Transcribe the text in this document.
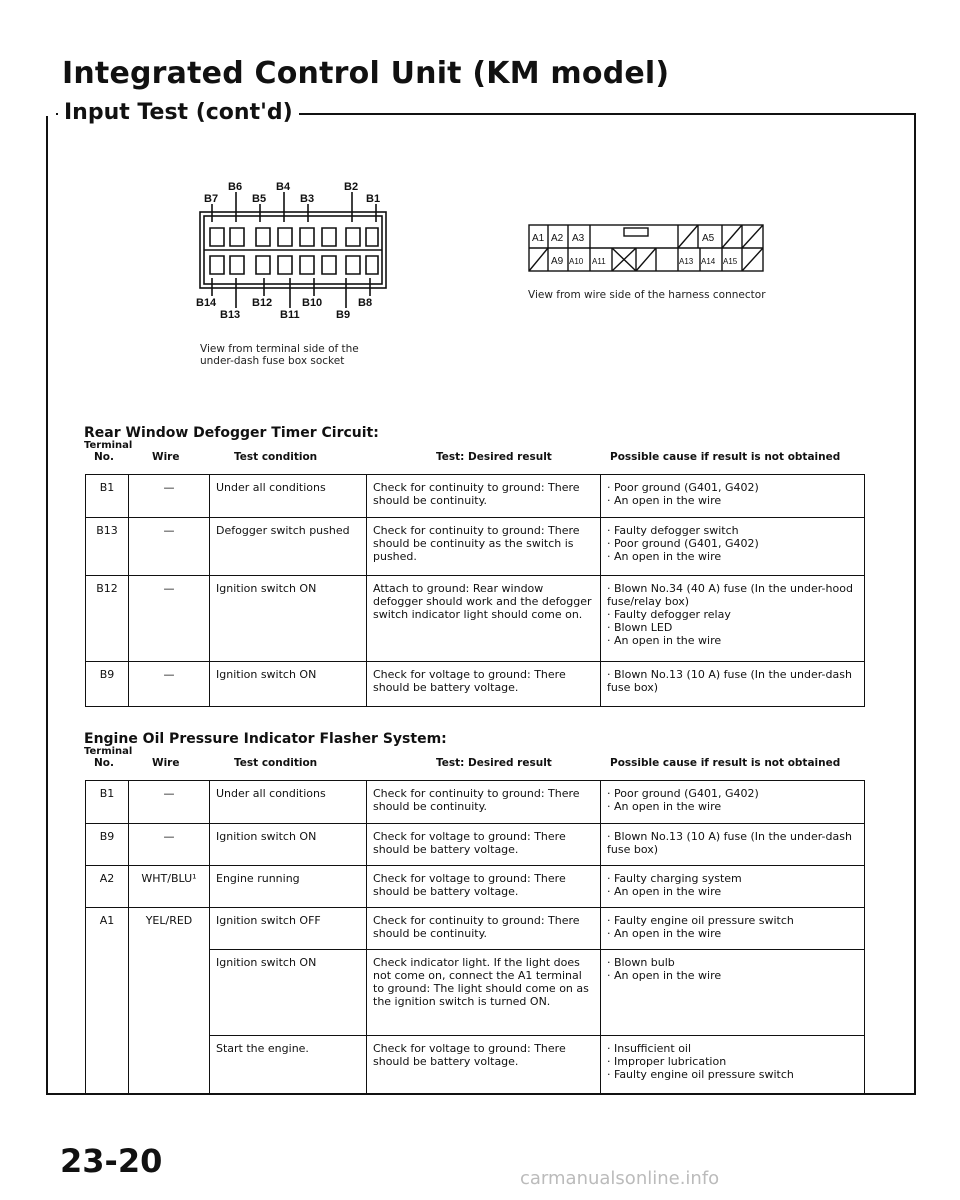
Integrated Control Unit (KM model)
Input Test (cont'd)
B6	B4	B2
B7	B5	B3	B1
B14	B12	B10	B8
B13	B11	B9
View from terminal side of the
under-dash fuse box socket
A1 A2 A3	A5
A9 A10 A11	A13 A14 A15
View from wire side of the harness connector
Rear Window Defogger Timer Circuit:
Terminal
No.	Wire	Test condition	Test: Desired result	Possible cause if result is not obtained
B1	—	Under all conditions	Check for continuity to ground: There should be continuity.	· Poor ground (G401, G402)
· An open in the wire

B13	—	Defogger switch pushed	Check for continuity to ground: There should be continuity as the switch is pushed.	· Faulty defogger switch
· Poor ground (G401, G402)
· An open in the wire

B12	—	Ignition switch ON	Attach to ground: Rear window defogger should work and the defogger switch indicator light should come on.	· Blown No.34 (40 A) fuse (In the under-hood fuse/relay box)
· Faulty defogger relay
· Blown LED
· An open in the wire

B9	—	Ignition switch ON	Check for voltage to ground: There should be battery voltage.	· Blown No.13 (10 A) fuse (In the under-dash fuse box)
Engine Oil Pressure Indicator Flasher System:
Terminal
No.	Wire	Test condition	Test: Desired result	Possible cause if result is not obtained
B1	—	Under all conditions	Check for continuity to ground: There should be continuity.	· Poor ground (G401, G402)
· An open in the wire

B9	—	Ignition switch ON	Check for voltage to ground: There should be battery voltage.	· Blown No.13 (10 A) fuse (In the under-dash fuse box)

A2	WHT/BLU¹	Engine running	Check for voltage to ground: There should be battery voltage.	· Faulty charging system
· An open in the wire

A1	YEL/RED	Ignition switch OFF	Check for continuity to ground: There should be continuity.	· Faulty engine oil pressure switch
· An open in the wire

		Ignition switch ON	Check indicator light. If the light does not come on, connect the A1 terminal to ground: The light should come on as the ignition switch is turned ON.	· Blown bulb
· An open in the wire

		Start the engine.	Check for voltage to ground: There should be battery voltage.	· Insufficient oil
· Improper lubrication
· Faulty engine oil pressure switch
23-20	carmanualsonline.info
